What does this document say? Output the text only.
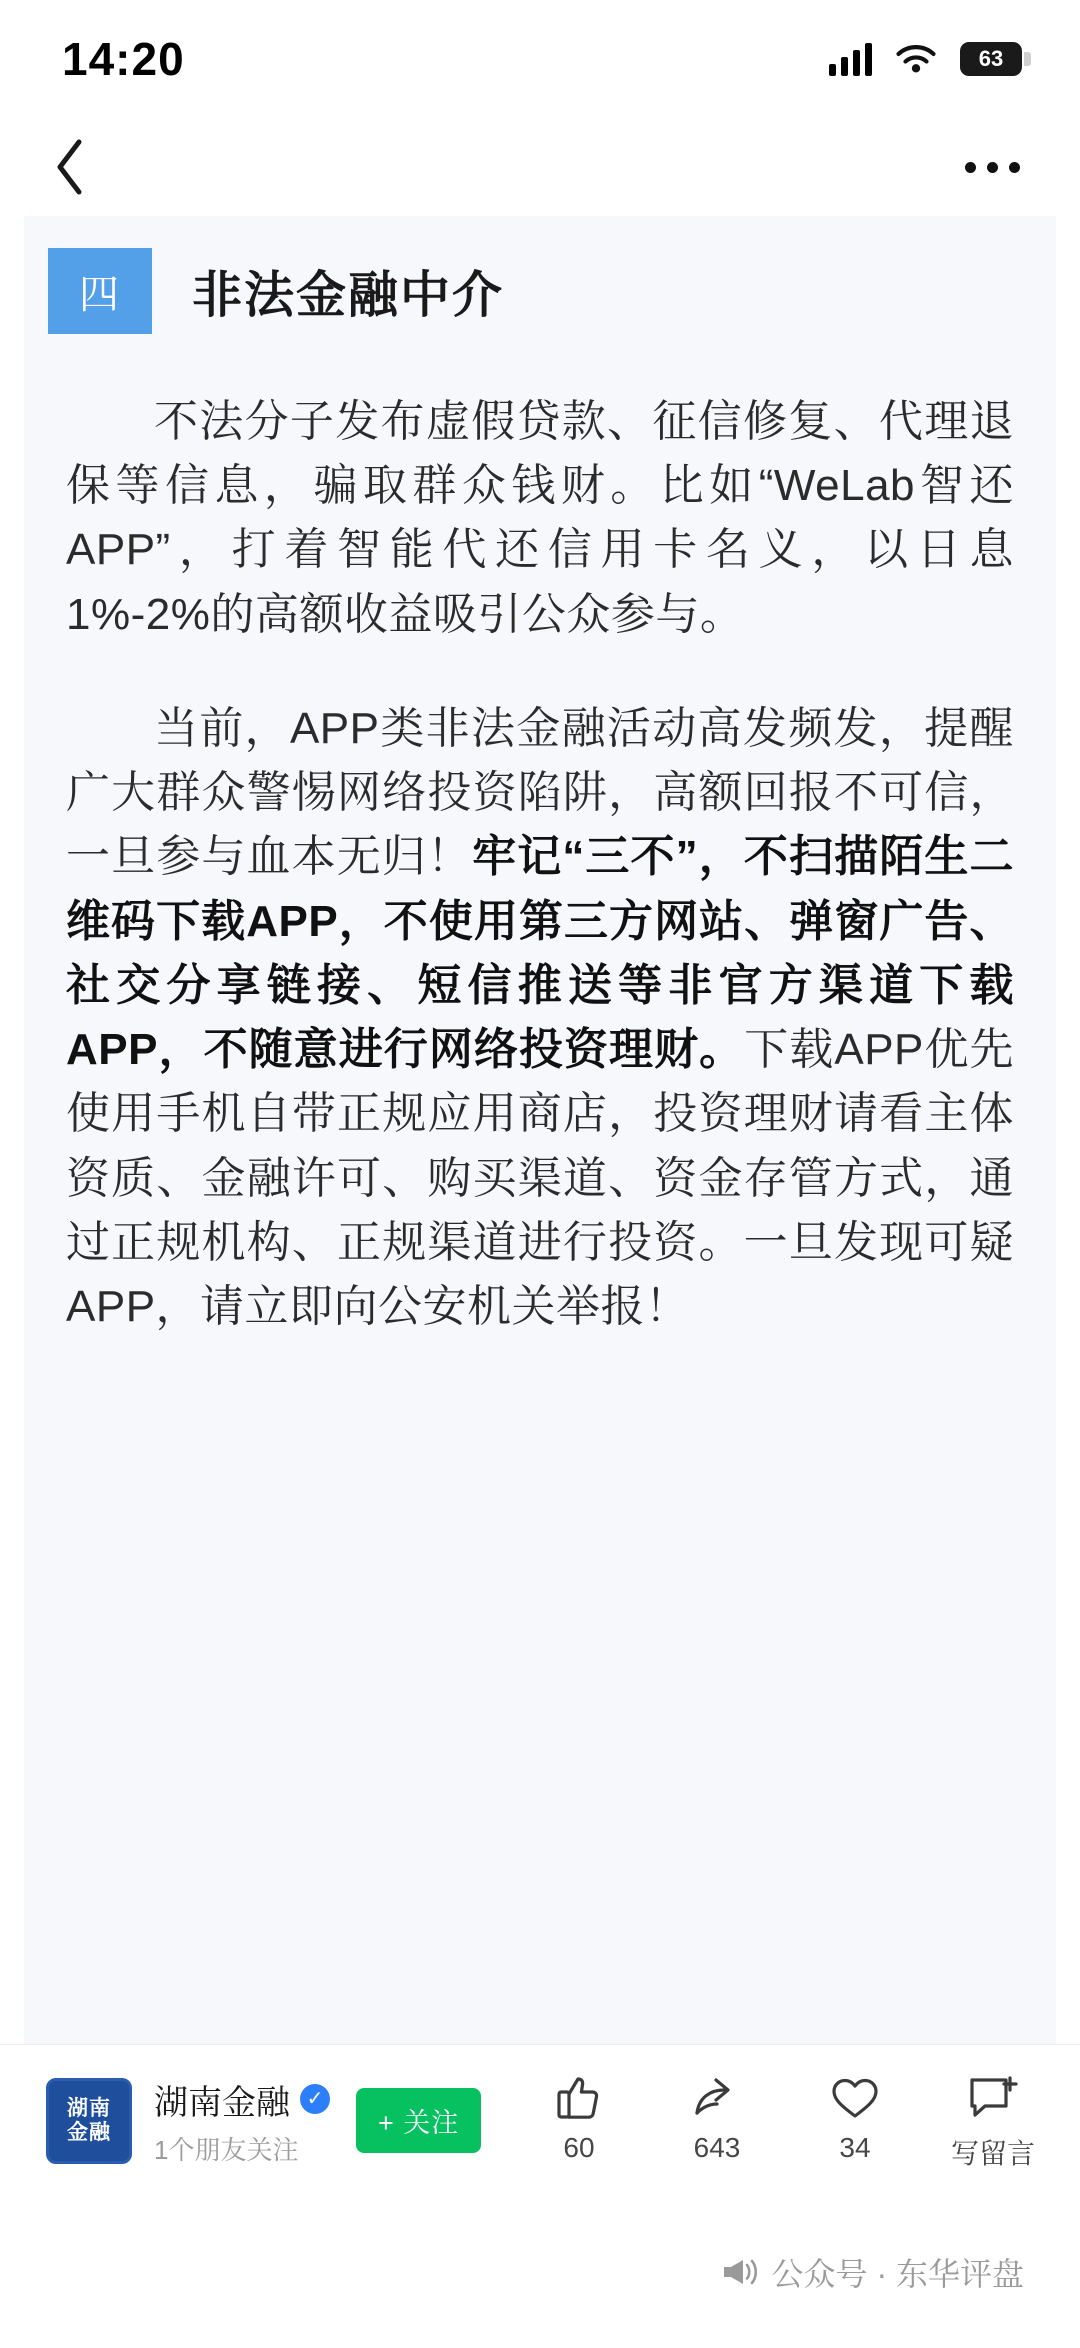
14:20	63
四	非法金融中介

不法分子发布虚假贷款、征信修复、代理退保等信息，骗取群众钱财。比如“WeLab智还APP”，打着智能代还信用卡名义，以日息1%-2%的高额收益吸引公众参与。

当前，APP类非法金融活动高发频发，提醒广大群众警惕网络投资陷阱，高额回报不可信，一旦参与血本无归！牢记“三不”，不扫描陌生二维码下载APP，不使用第三方网站、弹窗广告、社交分享链接、短信推送等非官方渠道下载APP，不随意进行网络投资理财。下载APP优先使用手机自带正规应用商店，投资理财请看主体资质、金融许可、购买渠道、资金存管方式，通过正规机构、正规渠道进行投资。一旦发现可疑APP，请立即向公安机关举报！

湖南
金融
湖南金融 ✓
1个朋友关注
+ 关注
60	643	34	写留言
公众号 · 东华评盘
